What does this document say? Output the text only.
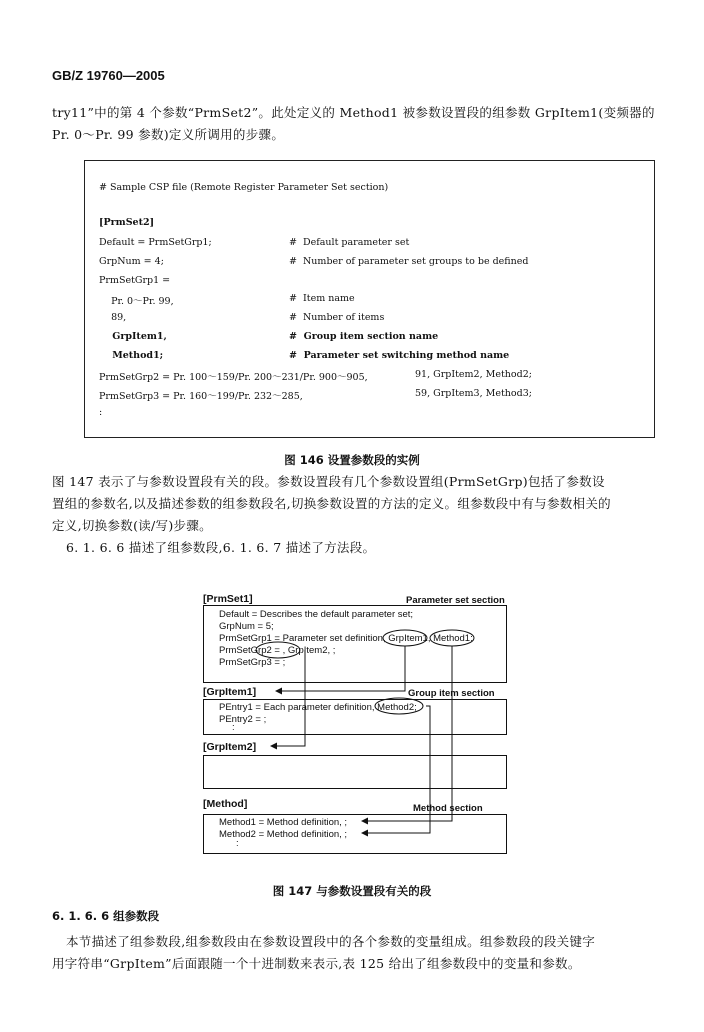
GB/Z 19760—2005
try11”中的第 4 个参数“PrmSet2”。此处定义的 Method1 被参数设置段的组参数 GrpItem1(变频器的
Pr. 0～Pr. 99 参数)定义所调用的步骤。
# Sample CSP file (Remote Register Parameter Set section)
[PrmSet2]
Default = PrmSetGrp1;	#  Default parameter set
GrpNum = 4;	#  Number of parameter set groups to be defined
PrmSetGrp1 =
Pr. 0～Pr. 99,	#  Item name
89,	#  Number of items
GrpItem1,	#  Group item section name
Method1;	#  Parameter set switching method name
PrmSetGrp2 = Pr. 100～159/Pr. 200～231/Pr. 900～905,	91, GrpItem2, Method2;
PrmSetGrp3 = Pr. 160～199/Pr. 232～285,	59, GrpItem3, Method3;
:
图 146 设置参数段的实例
图 147 表示了与参数设置段有关的段。参数设置段有几个参数设置组(PrmSetGrp)包括了参数设
置组的参数名,以及描述参数的组参数段名,切换参数设置的方法的定义。组参数段中有与参数相关的
定义,切换参数(读/写)步骤。
6. 1. 6. 6 描述了组参数段,6. 1. 6. 7 描述了方法段。
[PrmSet1]	Parameter set section
Default = Describes the default parameter set;
GrpNum = 5;
PrmSetGrp1 = Parameter set definition, GrpItem1, Method1;
PrmSetGrp2 = , GrpItem2, ;
PrmSetGrp3 = ;
[GrpItem1]	Group item section
PEntry1 = Each parameter definition, Method2;
PEntry2 = ;
:
[GrpItem2]
[Method]	Method section
Method1 = Method definition, ;
Method2 = Method definition, ;
:
图 147 与参数设置段有关的段
6. 1. 6. 6 组参数段
本节描述了组参数段,组参数段由在参数设置段中的各个参数的变量组成。组参数段的段关键字
用字符串“GrpItem”后面跟随一个十进制数来表示,表 125 给出了组参数段中的变量和参数。
